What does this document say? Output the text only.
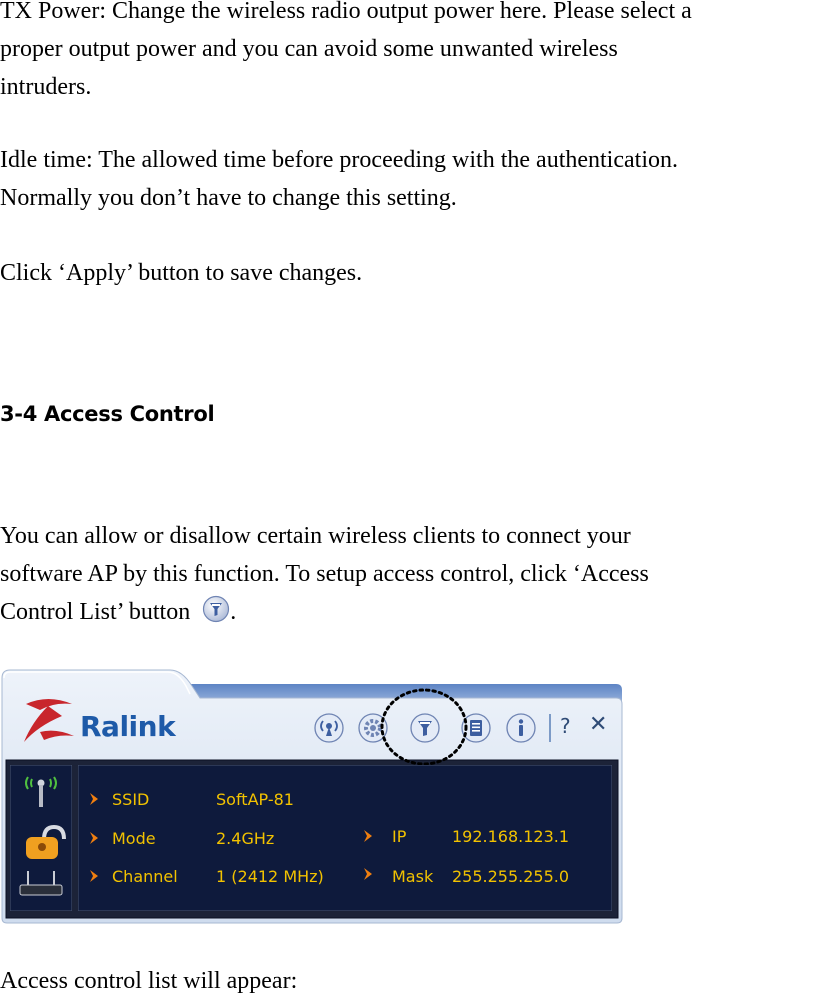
TX Power: Change the wireless radio output power here. Please select a
proper output power and you can avoid some unwanted wireless
intruders.
Idle time: The allowed time before proceeding with the authentication.
Normally you don’t have to change this setting.
Click ‘Apply’ button to save changes.
3-4 Access Control
You can allow or disallow certain wireless clients to connect your
software AP by this function. To setup access control, click ‘Access
Control List’ button .
Access control list will appear:
Ralink	? ✕
SSID	SoftAP-81
Mode	2.4GHz	IP	192.168.123.1
Channel 1 (2412 MHz)	Mask 255.255.255.0
